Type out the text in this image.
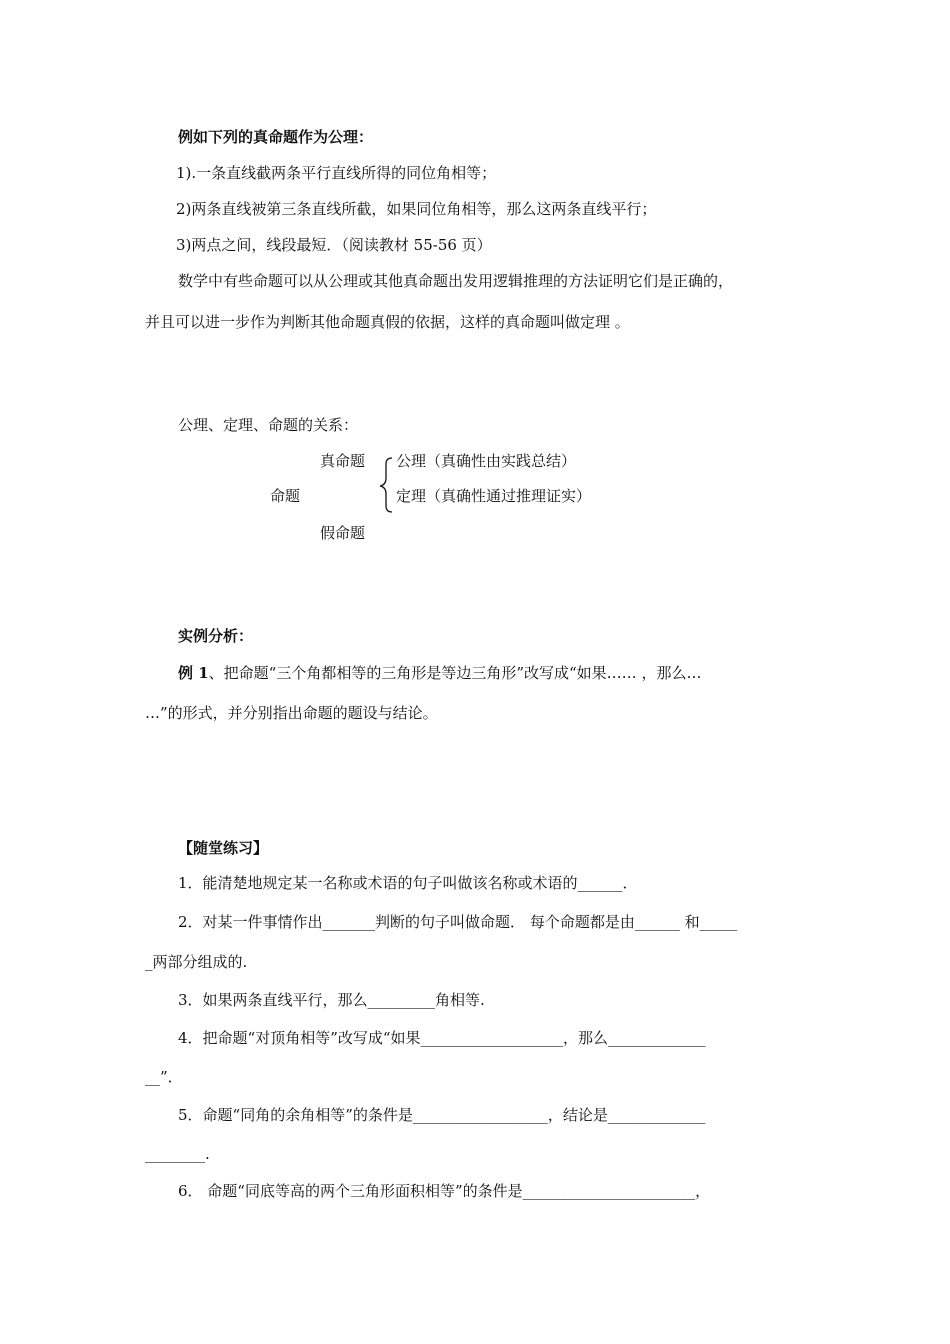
例如下列的真命题作为公理：
1).一条直线截两条平行直线所得的同位角相等；
2)两条直线被第三条直线所截，如果同位角相等，那么这两条直线平行；
3)两点之间，线段最短．（阅读教材 55-56 页）
数学中有些命题可以从公理或其他真命题出发用逻辑推理的方法证明它们是正确的，
并且可以进一步作为判断其他命题真假的依据，这样的真命题叫做定理 。
公理、定理、命题的关系：
真命题
命题
假命题
公理（真确性由实践总结）
定理（真确性通过推理证实）
实例分析：
例 1、把命题“三个角都相等的三角形是等边三角形”改写成“如果…… ，那么…
…”的形式，并分别指出命题的题设与结论。
【随堂练习】
1．能清楚地规定某一名称或术语的句子叫做该名称或术语的______．
2．对某一件事情作出_______判断的句子叫做命题． 每个命题都是由______ 和_____
_两部分组成的.
3．如果两条直线平行，那么_________角相等.
4．把命题“对顶角相等”改写成“如果___________________，那么_____________
__”．
5．命题“同角的余角相等”的条件是__________________，结论是_____________
________.
6． 命题“同底等高的两个三角形面积相等”的条件是_______________________，
